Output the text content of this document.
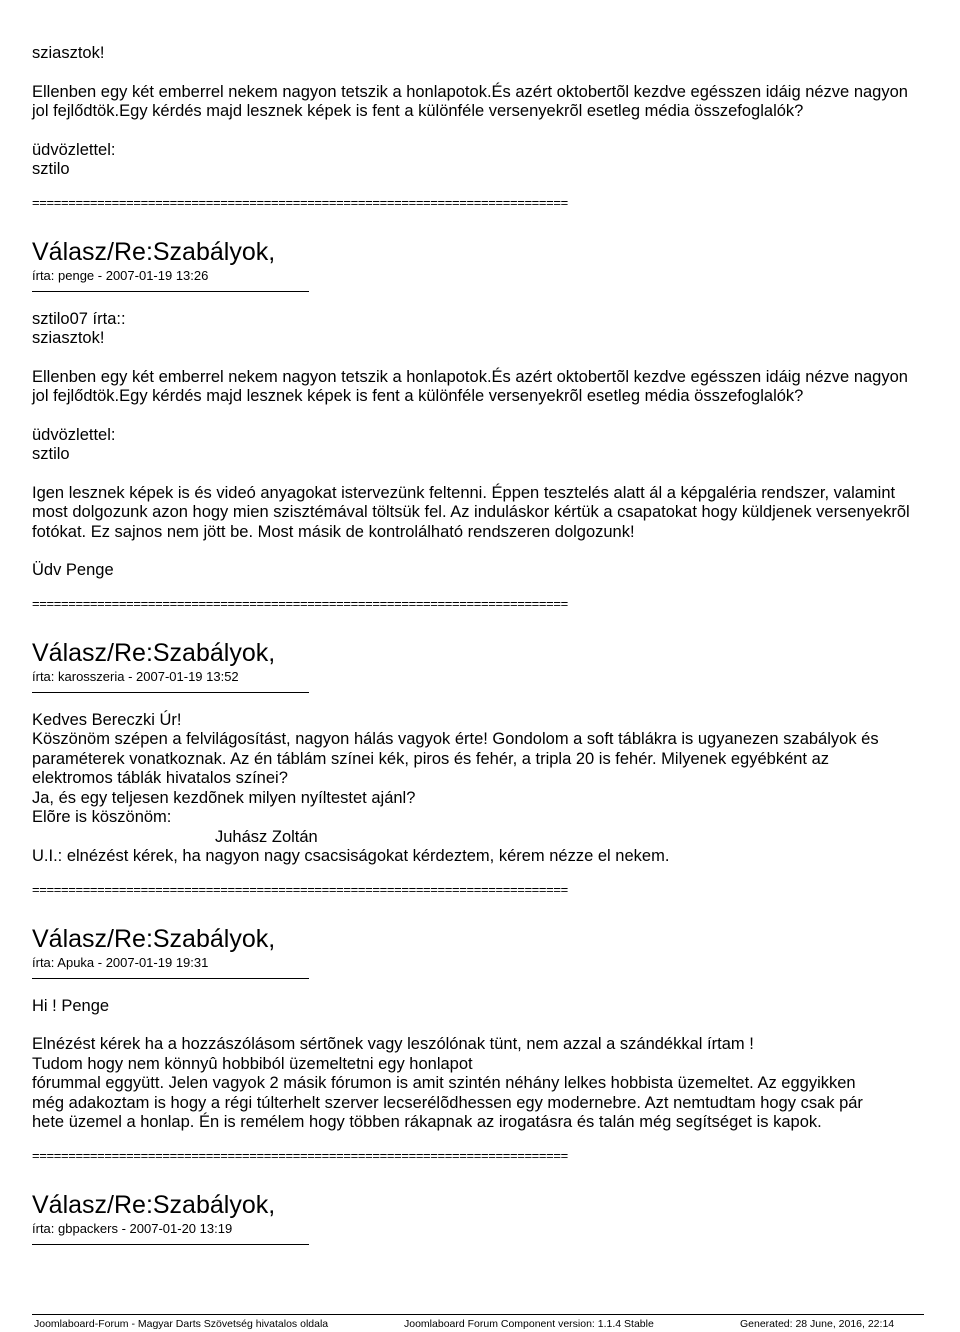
sziasztok!

Ellenben egy két emberrel nekem nagyon tetszik a honlapotok.És azért oktobertõl kezdve egésszen idáig nézve nagyon

jol fejlődtök.Egy kérdés majd lesznek képek is fent a különféle versenyekrõl esetleg média összefoglalók?

üdvözlettel:

sztilo

==========================================================================

Válasz/Re:Szabályok,

írta: penge - 2007-01-19 13:26

sztilo07 írta::

sziasztok!

Ellenben egy két emberrel nekem nagyon tetszik a honlapotok.És azért oktobertõl kezdve egésszen idáig nézve nagyon

jol fejlődtök.Egy kérdés majd lesznek képek is fent a különféle versenyekrõl esetleg média összefoglalók?

üdvözlettel:

sztilo

Igen lesznek képek is és videó anyagokat istervezünk feltenni. Éppen tesztelés alatt ál a képgaléria rendszer, valamint

most dolgozunk azon hogy mien szisztémával töltsük fel. Az induláskor kértük a csapatokat hogy küldjenek versenyekrõl

fotókat. Ez sajnos nem jött be. Most másik de kontrolálható rendszeren dolgozunk!

Üdv Penge

==========================================================================

Válasz/Re:Szabályok,

írta: karosszeria - 2007-01-19 13:52

Kedves Bereczki Úr!

Köszönöm szépen a felvilágosítást, nagyon hálás vagyok érte! Gondolom a soft táblákra is ugyanezen szabályok és

paraméterek vonatkoznak. Az én táblám színei kék, piros és fehér, a tripla 20 is fehér. Milyenek egyébként az

elektromos táblák hivatalos színei?

Ja, és egy teljesen kezdõnek milyen nyíltestet ajánl?

Elõre is köszönöm:

Juhász Zoltán

U.I.: elnézést kérek, ha nagyon nagy csacsiságokat kérdeztem, kérem nézze el nekem.

==========================================================================

Válasz/Re:Szabályok,

írta: Apuka - 2007-01-19 19:31

Hi ! Penge

Elnézést kérek ha a hozzászólásom sértõnek vagy leszólónak tünt, nem azzal a szándékkal írtam !

Tudom hogy nem könnyû hobbiból üzemeltetni egy honlapot

fórummal eggyütt. Jelen vagyok 2 másik fórumon is amit szintén néhány lelkes hobbista üzemeltet. Az eggyikken

még adakoztam is hogy a régi túlterhelt szerver lecserélõdhessen egy modernebre. Azt nemtudtam hogy csak pár

hete üzemel a honlap. Én is remélem hogy többen rákapnak az irogatásra és talán még segítséget is kapok.

==========================================================================

Válasz/Re:Szabályok,

írta: gbpackers - 2007-01-20 13:19

Joomlaboard-Forum - Magyar Darts Szövetség hivatalos oldala	Joomlaboard Forum Component version: 1.1.4 Stable	Generated: 28 June, 2016, 22:14
